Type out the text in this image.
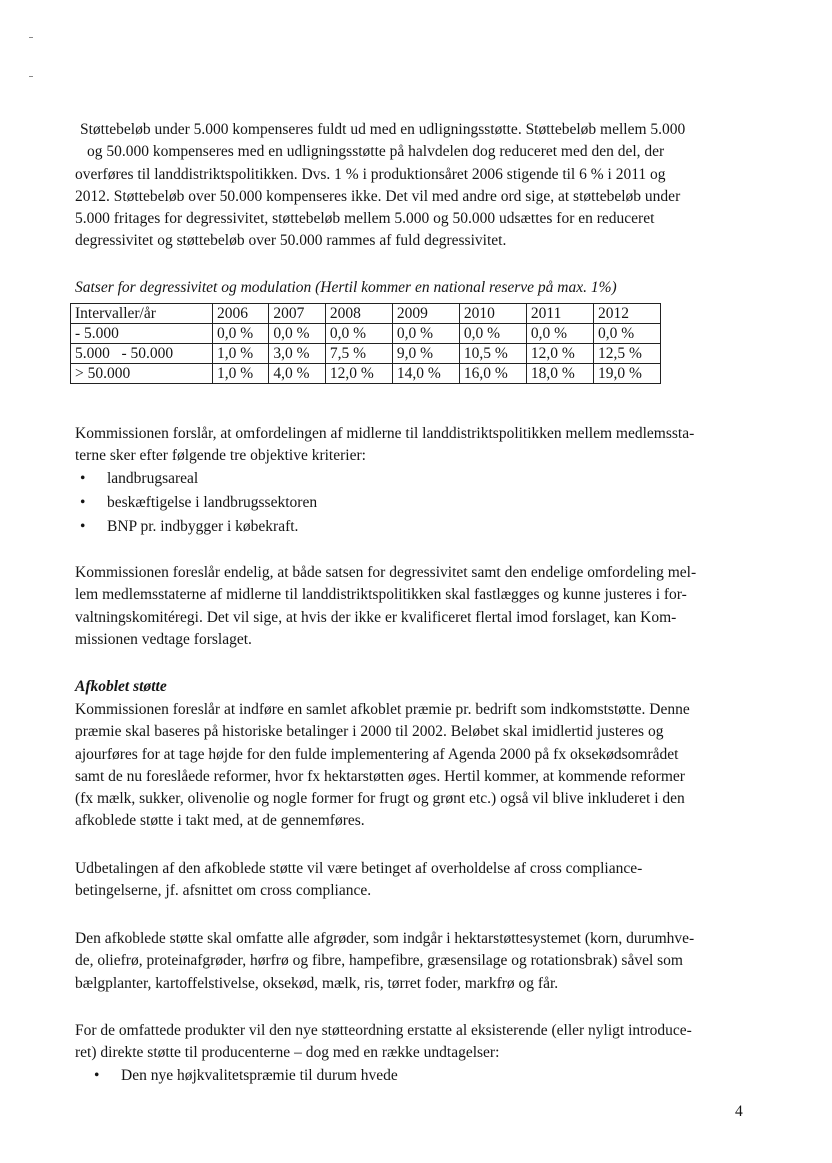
Støttebeløb under 5.000 kompenseres fuldt ud med en udligningsstøtte. Støttebeløb mellem 5.000

og 50.000 kompenseres med en udligningsstøtte på halvdelen dog reduceret med den del, der

overføres til landdistriktspolitikken. Dvs. 1 % i produktionsåret 2006 stigende til 6 % i 2011 og

2012. Støttebeløb over 50.000 kompenseres ikke. Det vil med andre ord sige, at støttebeløb under

5.000 fritages for degressivitet, støttebeløb mellem 5.000 og 50.000 udsættes for en reduceret

degressivitet og støttebeløb over 50.000 rammes af fuld degressivitet.

Satser for degressivitet og modulation (Hertil kommer en national reserve på max. 1%)

Intervaller/år	2006	2007	2008	2009	2010	2011	2012
- 5.000	0,0 %	0,0 %	0,0 %	0,0 %	0,0 %	0,0 %	0,0 %
5.000   - 50.000	1,0 %	3,0 %	7,5 %	9,0 %	10,5 %	12,0 %	12,5 %
> 50.000	1,0 %	4,0 %	12,0 %	14,0 %	16,0 %	18,0 %	19,0 %

Kommissionen forslår, at omfordelingen af midlerne til landdistriktspolitikken mellem medlemssta-

terne sker efter følgende tre objektive kriterier:

• landbrugsareal
• beskæftigelse i landbrugssektoren
• BNP pr. indbygger i købekraft.

Kommissionen foreslår endelig, at både satsen for degressivitet samt den endelige omfordeling mel-

lem medlemsstaterne af midlerne til landdistriktspolitikken skal fastlægges og kunne justeres i for-

valtningskomitéregi. Det vil sige, at hvis der ikke er kvalificeret flertal imod forslaget, kan Kom-

missionen vedtage forslaget.

Afkoblet støtte

Kommissionen foreslår at indføre en samlet afkoblet præmie pr. bedrift som indkomststøtte. Denne

præmie skal baseres på historiske betalinger i 2000 til 2002. Beløbet skal imidlertid justeres og

ajourføres for at tage højde for den fulde implementering af Agenda 2000 på fx oksekødsområdet

samt de nu foreslåede reformer, hvor fx hektarstøtten øges. Hertil kommer, at kommende reformer

(fx mælk, sukker, olivenolie og nogle former for frugt og grønt etc.) også vil blive inkluderet i den

afkoblede støtte i takt med, at de gennemføres.

Udbetalingen af den afkoblede støtte vil være betinget af overholdelse af cross compliance-

betingelserne, jf. afsnittet om cross compliance.

Den afkoblede støtte skal omfatte alle afgrøder, som indgår i hektarstøttesystemet (korn, durumhve-

de, oliefrø, proteinafgrøder, hørfrø og fibre, hampefibre, græsensilage og rotationsbrak) såvel som

bælgplanter, kartoffelstivelse, oksekød, mælk, ris, tørret foder, markfrø og får.

For de omfattede produkter vil den nye støtteordning erstatte al eksisterende (eller nyligt introduce-

ret) direkte støtte til producenterne – dog med en række undtagelser:

• Den nye højkvalitetspræmie til durum hvede

4
